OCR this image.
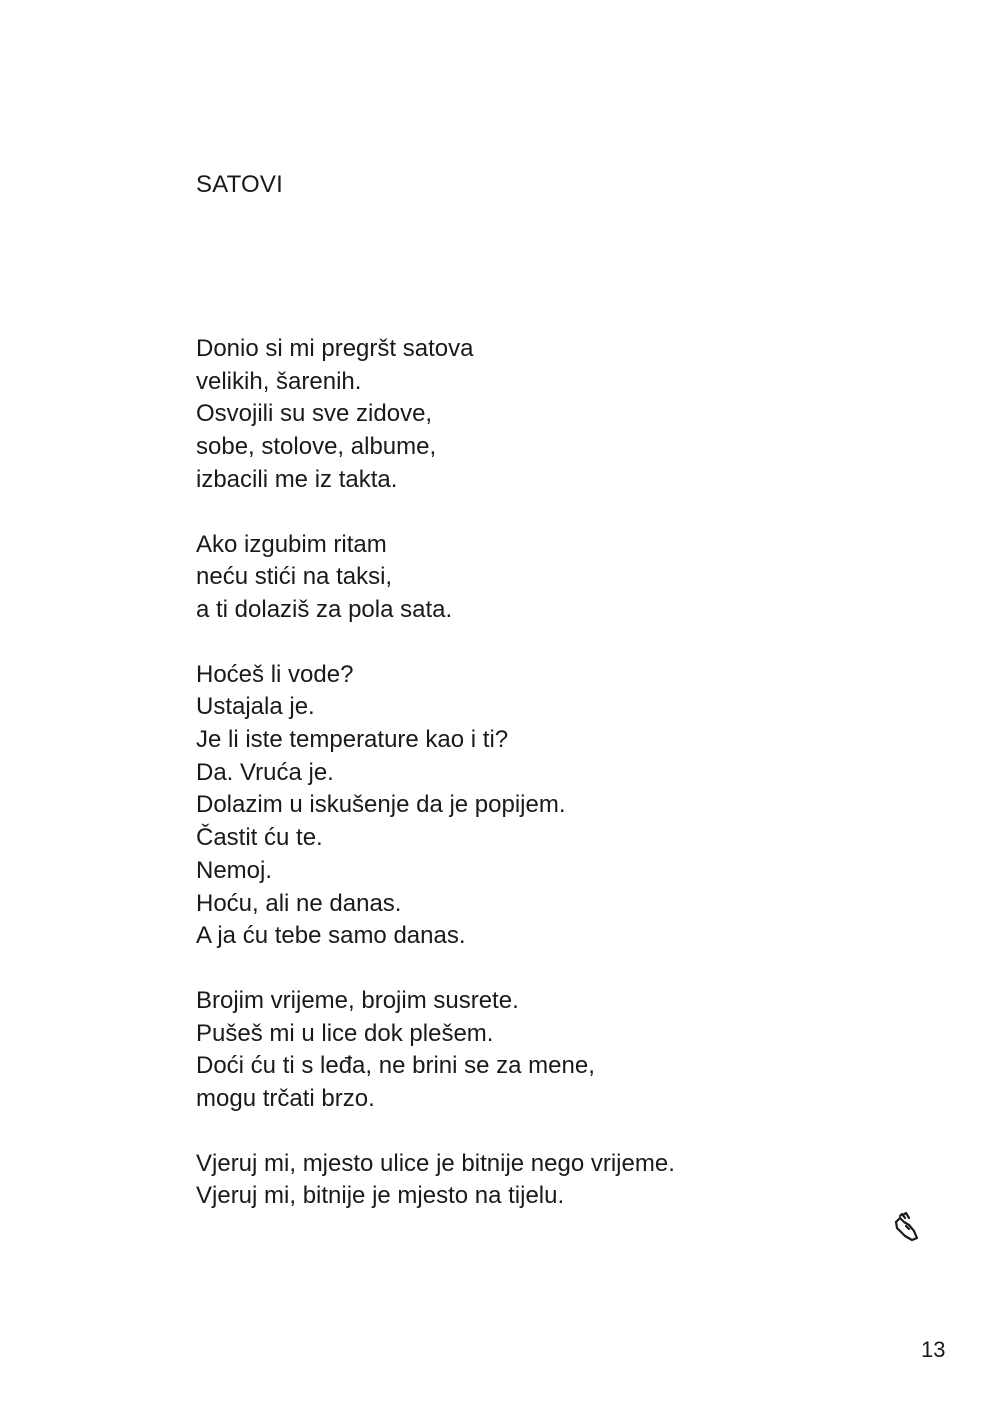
SATOVI
Donio si mi pregršt satova
velikih, šarenih.
Osvojili su sve zidove,
sobe, stolove, albume,
izbacili me iz takta.
Ako izgubim ritam
neću stići na taksi,
a ti dolaziš za pola sata.
Hoćeš li vode?
Ustajala je.
Je li iste temperature kao i ti?
Da. Vruća je.
Dolazim u iskušenje da je popijem.
Častit ću te.
Nemoj.
Hoću, ali ne danas.
A ja ću tebe samo danas.
Brojim vrijeme, brojim susrete.
Pušeš mi u lice dok plešem.
Doći ću ti s leđa, ne brini se za mene,
mogu trčati brzo.
Vjeruj mi, mjesto ulice je bitnije nego vrijeme.
Vjeruj mi, bitnije je mjesto na tijelu.
13
